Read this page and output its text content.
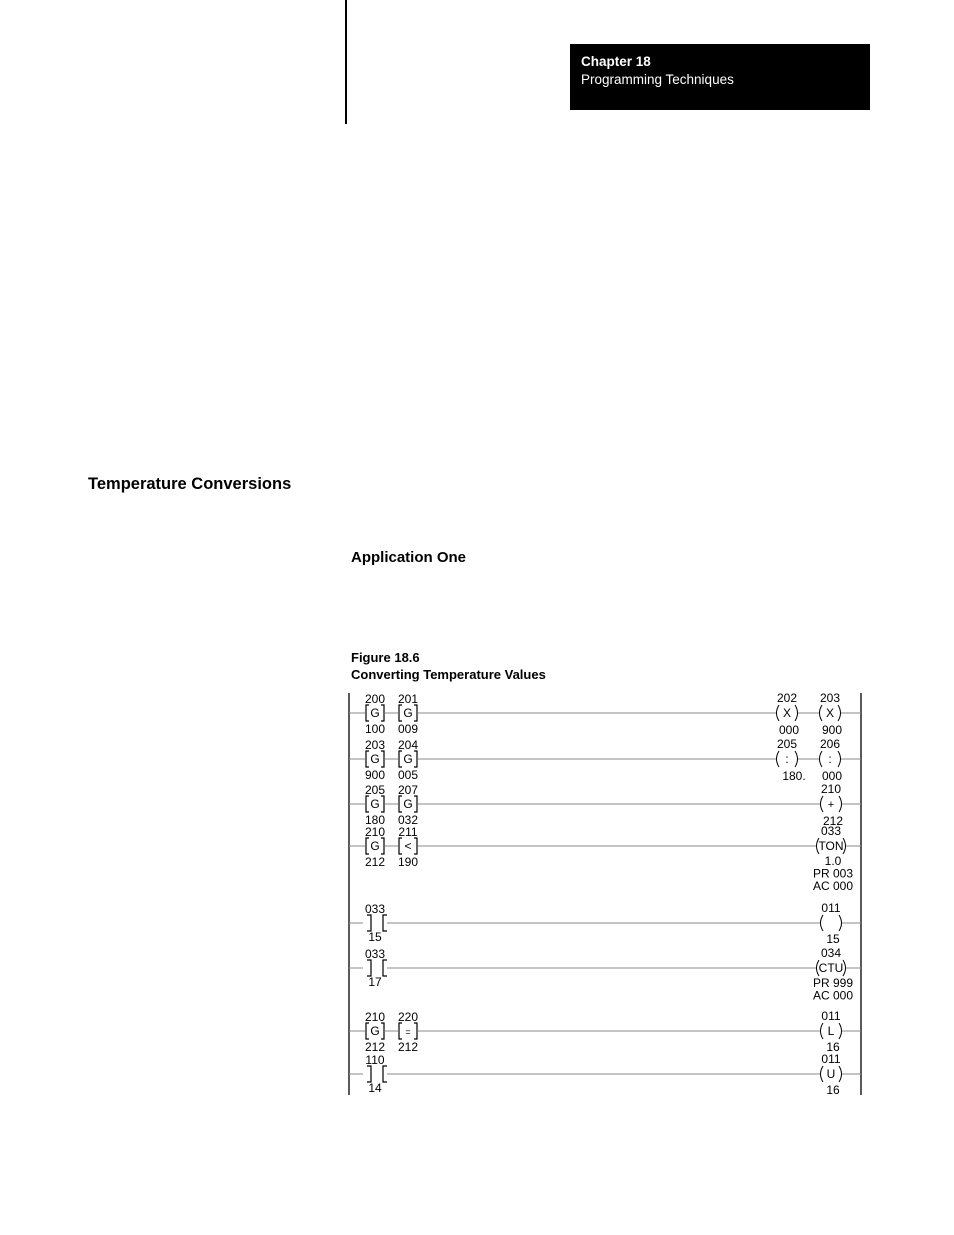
Chapter 18
Programming Techniques
Temperature Conversions
Application One
Figure 18.6
Converting Temperature Values
G
200
100
G
201
009
X
202
000
X
203
900
G
203
900
G
204
005
:
205
180.
:
206
000
G
205
180
G
207
032
+
210
212
G
210
212
<
211
190
TON
033
1.0
PR 003
AC 000
033
15
011
15
033
17
CTU
034
PR 999
AC 000
G
210
212
=
220
212
L
011
16
110
14
U
011
16
